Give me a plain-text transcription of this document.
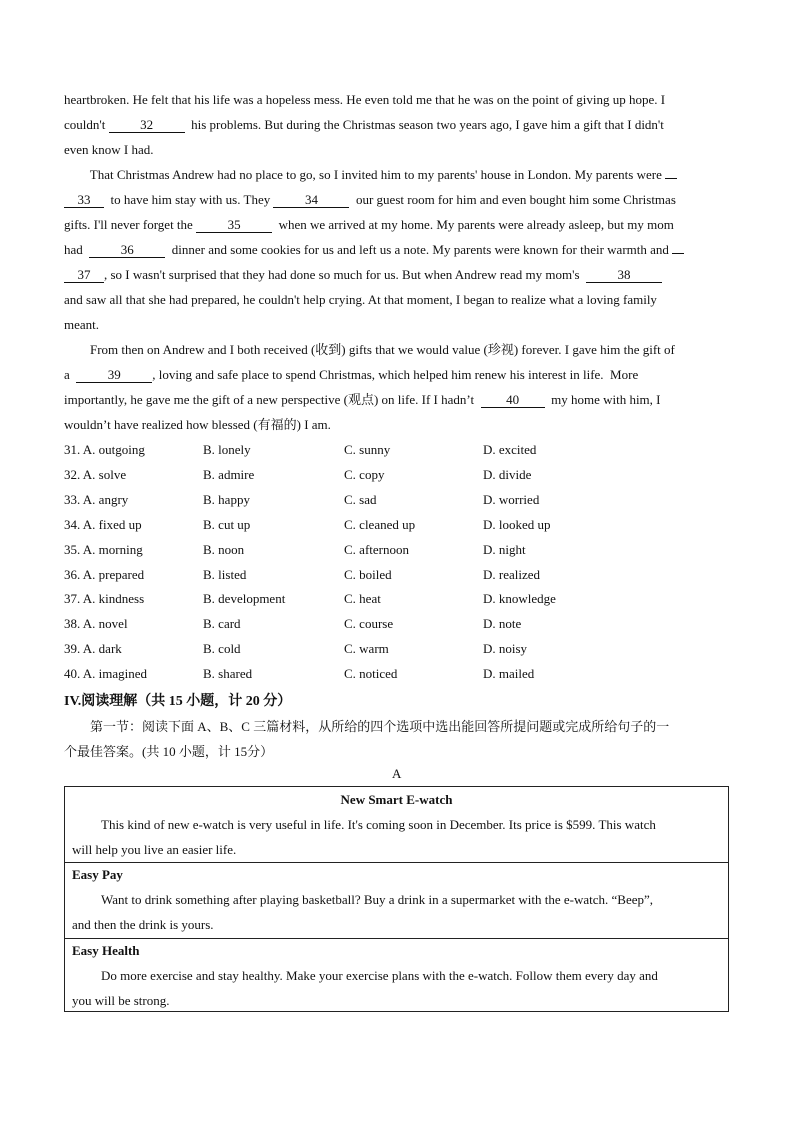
heartbroken. He felt that his life was a hopeless mess. He even told me that he was on the point of giving up hope. I
couldn't 32  his problems. But during the Christmas season two years ago, I gave him a gift that I didn't
even know I had.
That Christmas Andrew had no place to go, so I invited him to my parents' house in London. My parents were
33  to have him stay with us. They 34  our guest room for him and even bought him some Christmas
gifts. I'll never forget the 35  when we arrived at my home. My parents were already asleep, but my mom
had  36  dinner and some cookies for us and left us a note. My parents were known for their warmth and
37 , so I wasn't surprised that they had done so much for us. But when Andrew read my mom's  38
and saw all that she had prepared, he couldn't help crying. At that moment, I began to realize what a loving family
meant.
From then on Andrew and I both received (收到) gifts that we would value (珍视) forever. I gave him the gift of
a  39 , loving and safe place to spend Christmas, which helped him renew his interest in life.  More
importantly, he gave me the gift of a new perspective (观点) on life. If I hadn’t  40  my home with him, I
wouldn’t have realized how blessed (有福的) I am.
31. A. outgoing	B. lonely	C. sunny	D. excited
32. A. solve	B. admire	C. copy	D. divide
33. A. angry	B. happy	C. sad	D. worried
34. A. fixed up	B. cut up	C. cleaned up	D. looked up
35. A. morning	B. noon	C. afternoon	D. night
36. A. prepared	B. listed	C. boiled	D. realized
37. A. kindness	B. development	C. heat	D. knowledge
38. A. novel	B. card	C. course	D. note
39. A. dark	B. cold	C. warm	D. noisy
40. A. imagined	B. shared	C. noticed	D. mailed
IV.阅读理解（共 15 小题，计 20 分）
第一节：阅读下面 A、B、C 三篇材料，从所给的四个选项中选出能回答所提问题或完成所给句子的一
个最佳答案。(共 10 小题，计 15分）
A
New Smart E-watch
This kind of new e-watch is very useful in life. It's coming soon in December. Its price is $599. This watch
will help you live an easier life.
Easy Pay
Want to drink something after playing basketball? Buy a drink in a supermarket with the e-watch. “Beep”,
and then the drink is yours.
Easy Health
Do more exercise and stay healthy. Make your exercise plans with the e-watch. Follow them every day and
you will be strong.
